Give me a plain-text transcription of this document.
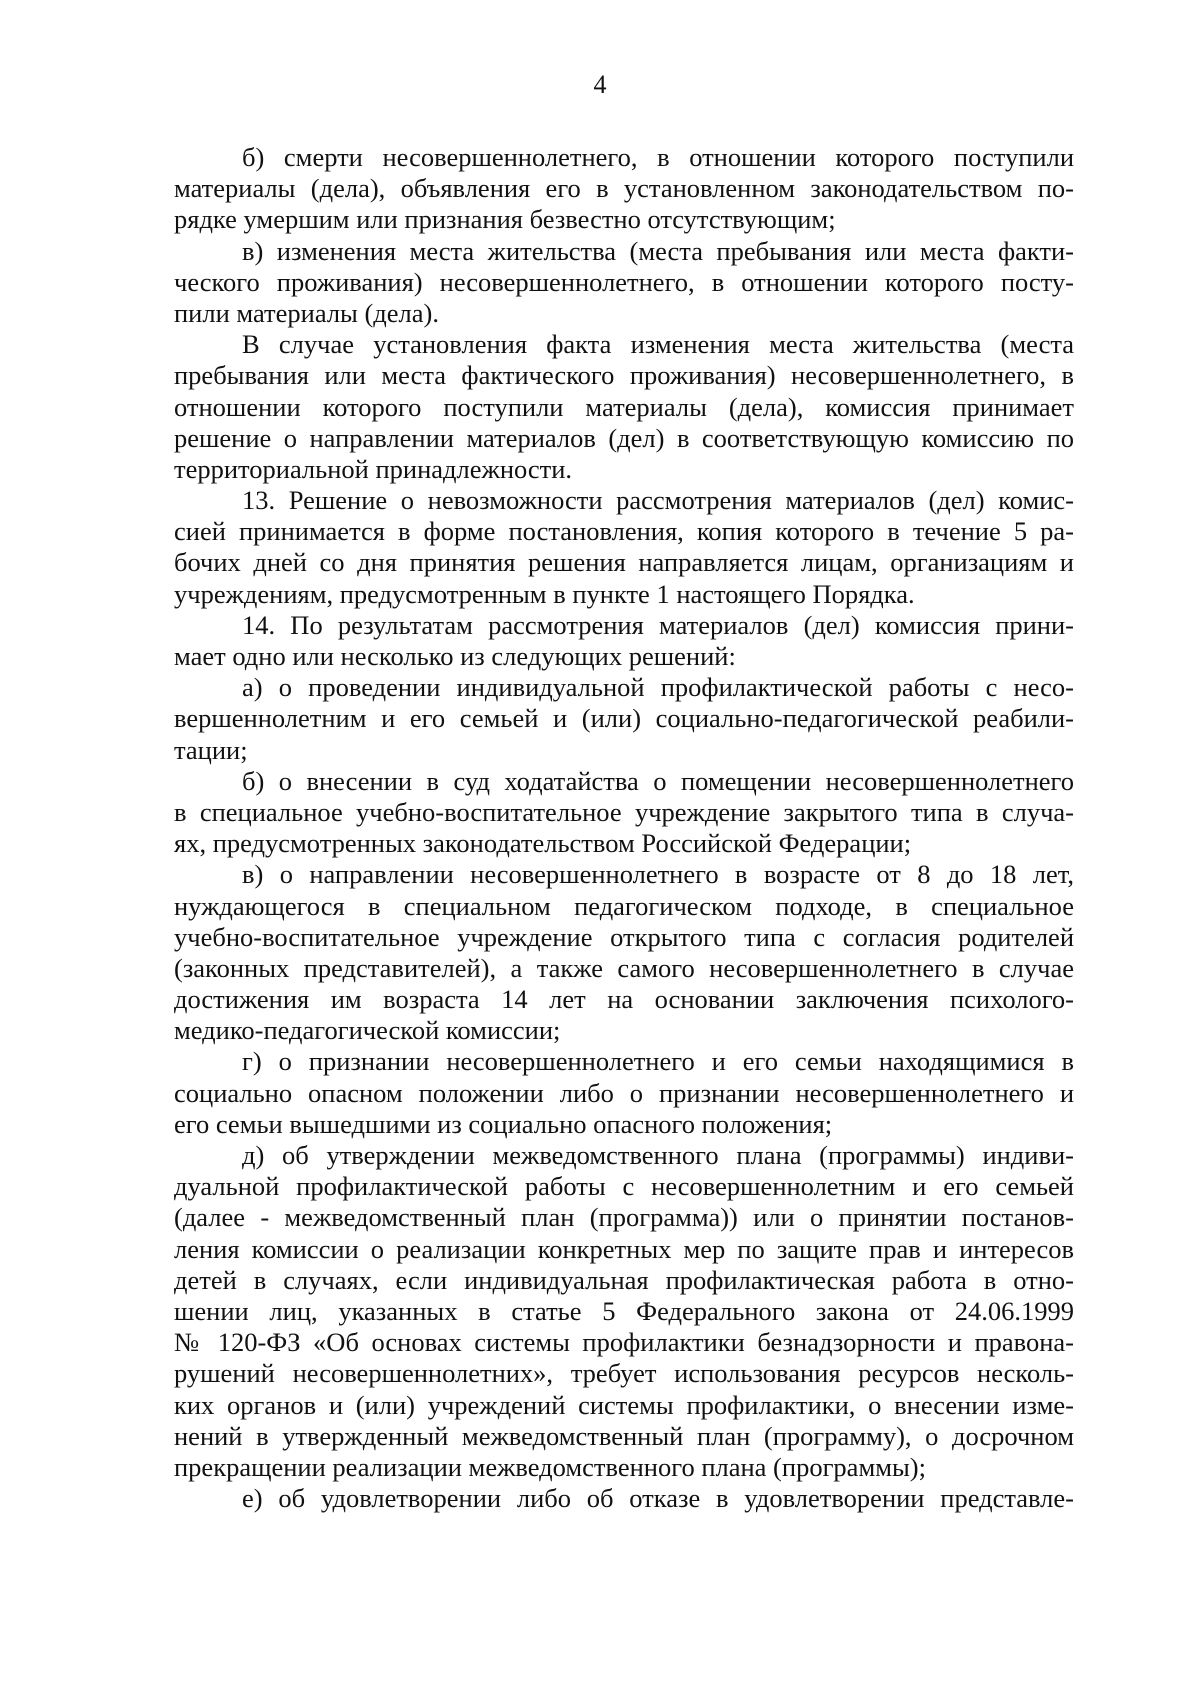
4
б) смерти несовершеннолетнего, в отношении которого поступили
материалы (дела), объявления его в установленном законодательством по-
рядке умершим или признания безвестно отсутствующим;
в) изменения места жительства (места пребывания или места факти-
ческого проживания) несовершеннолетнего, в отношении которого посту-
пили материалы (дела).
В случае установления факта изменения места жительства (места
пребывания или места фактического проживания) несовершеннолетнего, в
отношении которого поступили материалы (дела), комиссия принимает
решение о направлении материалов (дел) в соответствующую комиссию по
территориальной принадлежности.
13. Решение о невозможности рассмотрения материалов (дел) комис-
сией принимается в форме постановления, копия которого в течение 5 ра-
бочих дней со дня принятия решения направляется лицам, организациям и
учреждениям, предусмотренным в пункте 1 настоящего Порядка.
14. По результатам рассмотрения материалов (дел) комиссия прини-
мает одно или несколько из следующих решений:
а) о проведении индивидуальной профилактической работы с несо-
вершеннолетним и его семьей и (или) социально-педагогической реабили-
тации;
б) о внесении в суд ходатайства о помещении несовершеннолетнего
в специальное учебно-воспитательное учреждение закрытого типа в случа-
ях, предусмотренных законодательством Российской Федерации;
в) о направлении несовершеннолетнего в возрасте от 8 до 18 лет,
нуждающегося в специальном педагогическом подходе, в специальное
учебно-воспитательное учреждение открытого типа с согласия родителей
(законных представителей), а также самого несовершеннолетнего в случае
достижения им возраста 14 лет на основании заключения психолого-
медико-педагогической комиссии;
г) о признании несовершеннолетнего и его семьи находящимися в
социально опасном положении либо о признании несовершеннолетнего и
его семьи вышедшими из социально опасного положения;
д) об утверждении межведомственного плана (программы) индиви-
дуальной профилактической работы с несовершеннолетним и его семьей
(далее - межведомственный план (программа)) или о принятии постанов-
ления комиссии о реализации конкретных мер по защите прав и интересов
детей в случаях, если индивидуальная профилактическая работа в отно-
шении лиц, указанных в статье 5 Федерального закона от 24.06.1999
№ 120-ФЗ «Об основах системы профилактики безнадзорности и правона-
рушений несовершеннолетних», требует использования ресурсов несколь-
ких органов и (или) учреждений системы профилактики, о внесении изме-
нений в утвержденный межведомственный план (программу), о досрочном
прекращении реализации межведомственного плана (программы);
е) об удовлетворении либо об отказе в удовлетворении представле-
